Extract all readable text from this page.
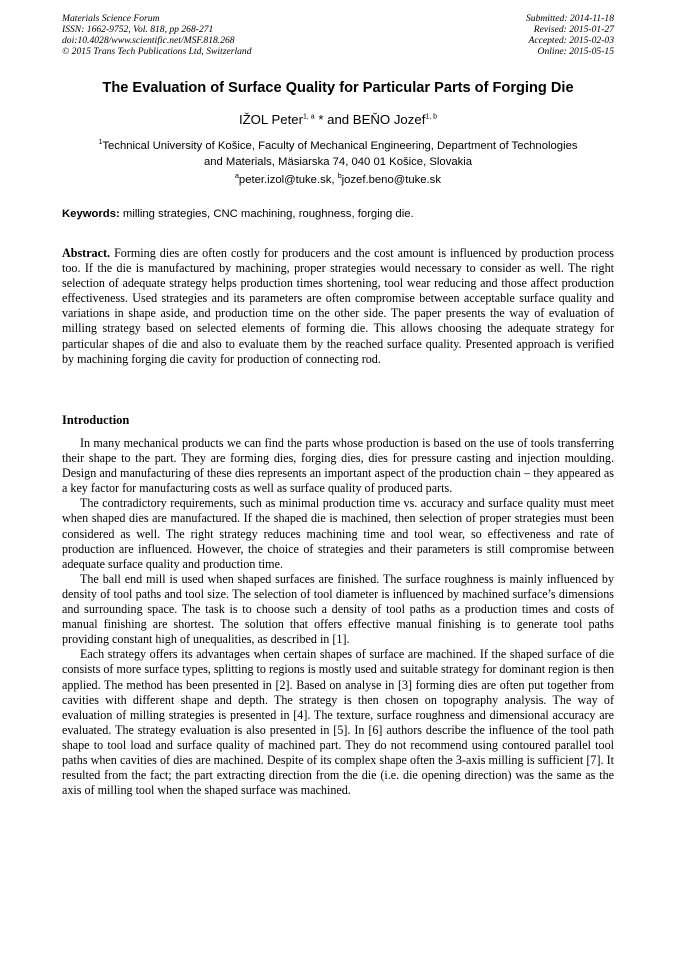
Materials Science Forum
ISSN: 1662-9752, Vol. 818, pp 268-271
doi:10.4028/www.scientific.net/MSF.818.268
© 2015 Trans Tech Publications Ltd, Switzerland
Submitted: 2014-11-18
Revised: 2015-01-27
Accepted: 2015-02-03
Online: 2015-05-15
The Evaluation of Surface Quality for Particular Parts of Forging Die
IŽOL Peter$^{1, a}$ * and BEŇO Jozef$^{1, b}$
$^1$Technical University of Košice, Faculty of Mechanical Engineering, Department of Technologies
and Materials, Mäsiarska 74, 040 01 Košice, Slovakia
$^a$peter.izol@tuke.sk, $^b$jozef.beno@tuke.sk
Keywords: milling strategies, CNC machining, roughness, forging die.
Abstract. Forming dies are often costly for producers and the cost amount is influenced by production process too. If the die is manufactured by machining, proper strategies would necessary to consider as well. The right selection of adequate strategy helps production times shortening, tool wear reducing and those affect production effectiveness. Used strategies and its parameters are often compromise between acceptable surface quality and variations in shape aside, and production time on the other side. The paper presents the way of evaluation of milling strategy based on selected elements of forming die. This allows choosing the adequate strategy for particular shapes of die and also to evaluate them by the reached surface quality. Presented approach is verified by machining forging die cavity for production of connecting rod.
Introduction

In many mechanical products we can find the parts whose production is based on the use of tools transferring their shape to the part. They are forming dies, forging dies, dies for pressure casting and injection moulding. Design and manufacturing of these dies represents an important aspect of the production chain – they appeared as a key factor for manufacturing costs as well as surface quality of produced parts.

The contradictory requirements, such as minimal production time vs. accuracy and surface quality must meet when shaped dies are manufactured. If the shaped die is machined, then selection of proper strategies must been considered as well. The right strategy reduces machining time and tool wear, so effectiveness and rate of production are influenced. However, the choice of strategies and their parameters is still compromise between adequate surface quality and production time.

The ball end mill is used when shaped surfaces are finished. The surface roughness is mainly influenced by density of tool paths and tool size. The selection of tool diameter is influenced by machined surface’s dimensions and surrounding space. The task is to choose such a density of tool paths as a production times and costs of manual finishing are shortest. The solution that offers effective manual finishing is to generate tool paths providing constant high of unequalities, as described in [1].

Each strategy offers its advantages when certain shapes of surface are machined. If the shaped surface of die consists of more surface types, splitting to regions is mostly used and suitable strategy for dominant region is then applied. The method has been presented in [2]. Based on analyse in [3] forming dies are often put together from cavities with different shape and depth. The strategy is then chosen on topography analysis. The way of evaluation of milling strategies is presented in [4]. The texture, surface roughness and dimensional accuracy are evaluated. The strategy evaluation is also presented in [5]. In [6] authors describe the influence of the tool path shape to tool load and surface quality of machined part. They do not recommend using contoured parallel tool paths when cavities of dies are machined. Despite of its complex shape often the 3-axis milling is sufficient [7]. It resulted from the fact; the part extracting direction from the die (i.e. die opening direction) was the same as the axis of milling tool when the shaped surface was machined.
